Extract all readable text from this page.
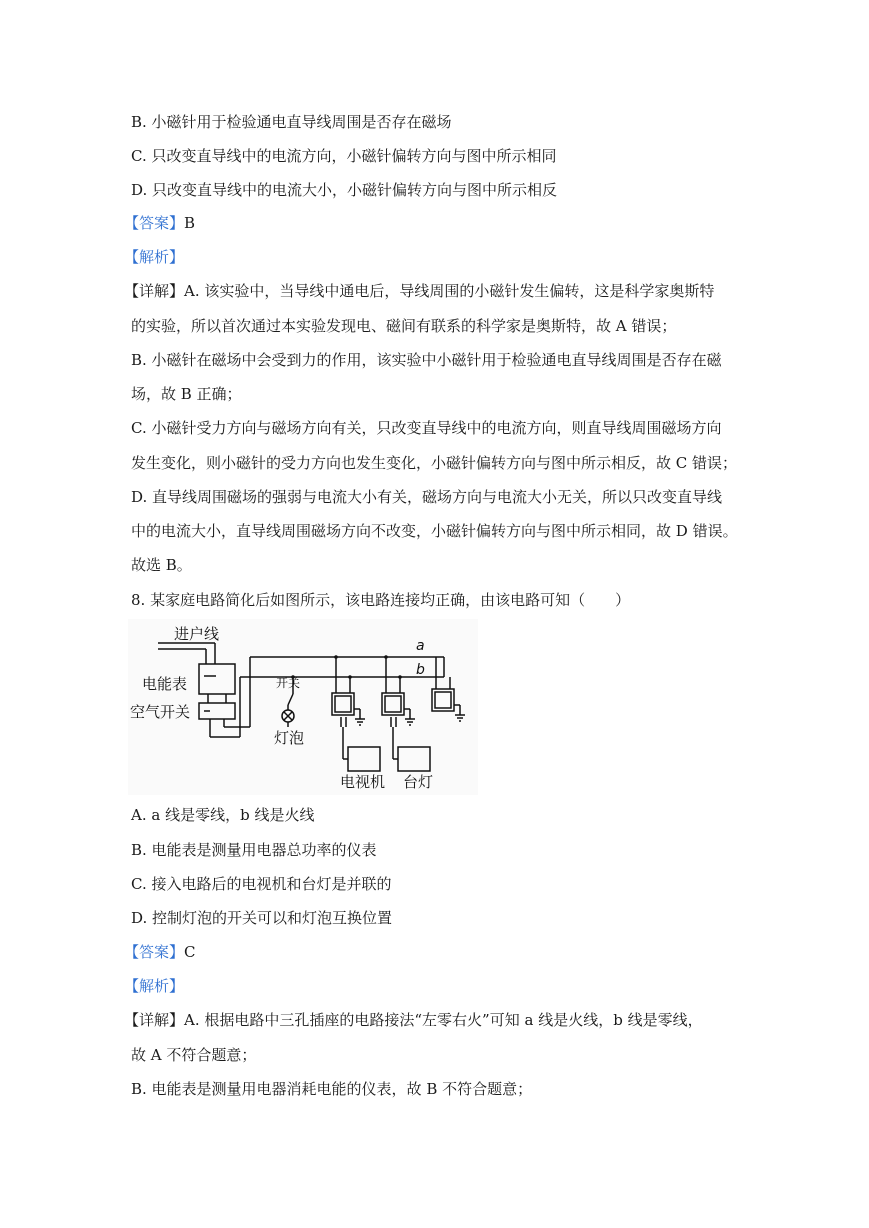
B. 小磁针用于检验通电直导线周围是否存在磁场
C. 只改变直导线中的电流方向，小磁针偏转方向与图中所示相同
D. 只改变直导线中的电流大小，小磁针偏转方向与图中所示相反
【答案】B
【解析】
【详解】A. 该实验中，当导线中通电后，导线周围的小磁针发生偏转，这是科学家奥斯特
的实验，所以首次通过本实验发现电、磁间有联系的科学家是奥斯特，故 A 错误；
B. 小磁针在磁场中会受到力的作用，该实验中小磁针用于检验通电直导线周围是否存在磁
场，故 B 正确；
C. 小磁针受力方向与磁场方向有关，只改变直导线中的电流方向，则直导线周围磁场方向
发生变化，则小磁针的受力方向也发生变化，小磁针偏转方向与图中所示相反，故 C 错误；
D. 直导线周围磁场的强弱与电流大小有关，磁场方向与电流大小无关，所以只改变直导线
中的电流大小，直导线周围磁场方向不改变，小磁针偏转方向与图中所示相同，故 D 错误。
故选 B。
8. 某家庭电路简化后如图所示，该电路连接均正确，由该电路可知（　　）
进户线
电能表
空气开关
开关
灯泡
电视机 台灯
a
b
A. a 线是零线，b 线是火线
B. 电能表是测量用电器总功率的仪表
C. 接入电路后的电视机和台灯是并联的
D. 控制灯泡的开关可以和灯泡互换位置
【答案】C
【解析】
【详解】A. 根据电路中三孔插座的电路接法“左零右火”可知 a 线是火线，b 线是零线，
故 A 不符合题意；
B. 电能表是测量用电器消耗电能的仪表，故 B 不符合题意；
